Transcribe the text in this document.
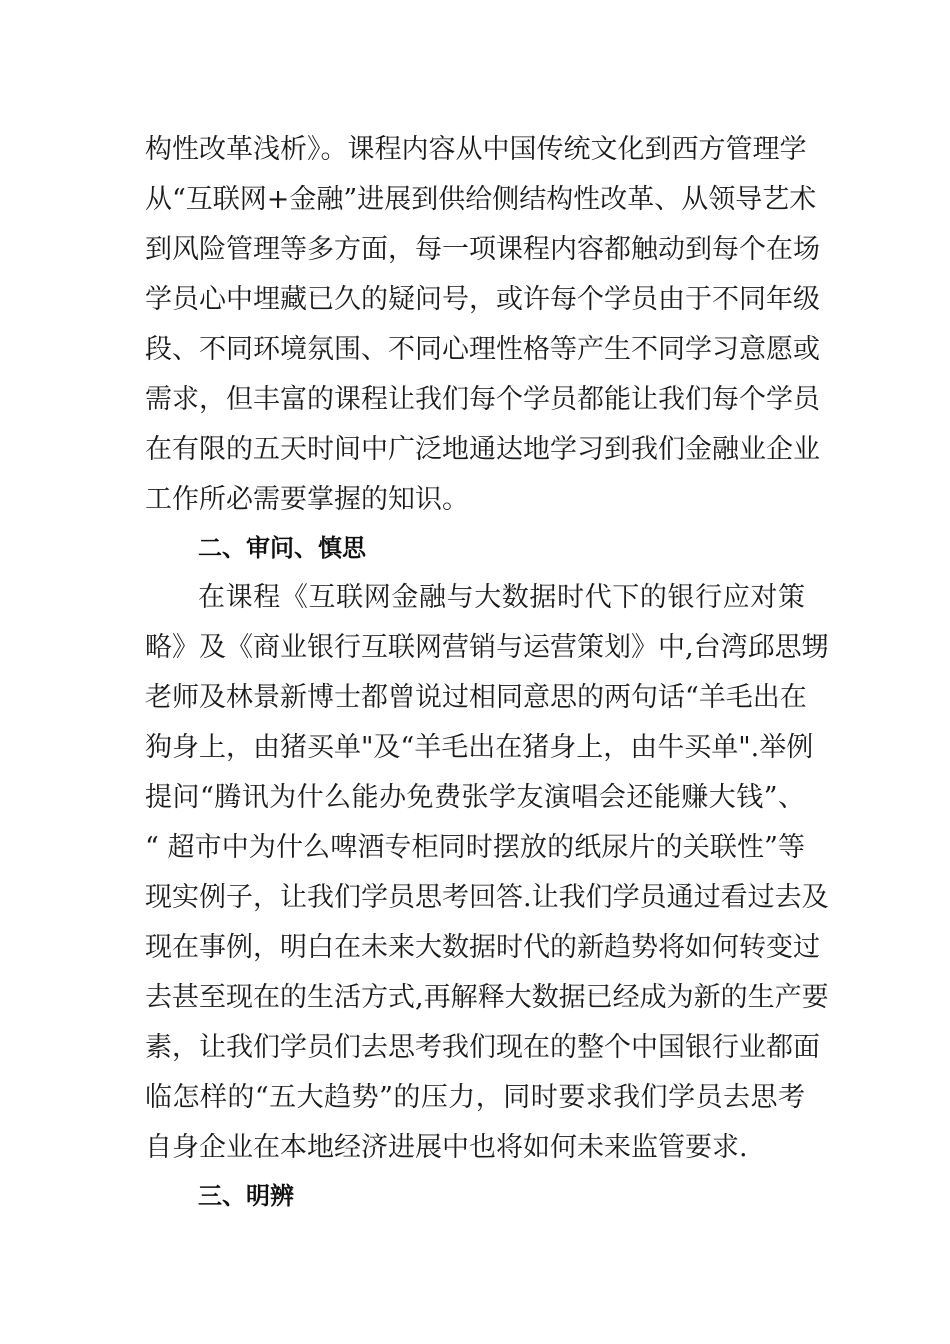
构性改革浅析》。课程内容从中国传统文化到西方管理学
从“互联网+金融”进展到供给侧结构性改革、从领导艺术
到风险管理等多方面，每一项课程内容都触动到每个在场
学员心中埋藏已久的疑问号，或许每个学员由于不同年级
段、不同环境氛围、不同心理性格等产生不同学习意愿或
需求，但丰富的课程让我们每个学员都能让我们每个学员
在有限的五天时间中广泛地通达地学习到我们金融业企业
工作所必需要掌握的知识。
二、审问、慎思
在课程《互联网金融与大数据时代下的银行应对策
略》及《商业银行互联网营销与运营策划》中,台湾邱思甥
老师及林景新博士都曾说过相同意思的两句话“羊毛出在
狗身上，由猪买单"及“羊毛出在猪身上，由牛买单".举例
提问“腾讯为什么能办免费张学友演唱会还能赚大钱”、
“ 超市中为什么啤酒专柜同时摆放的纸尿片的关联性”等
现实例子，让我们学员思考回答.让我们学员通过看过去及
现在事例，明白在未来大数据时代的新趋势将如何转变过
去甚至现在的生活方式,再解释大数据已经成为新的生产要
素，让我们学员们去思考我们现在的整个中国银行业都面
临怎样的“五大趋势”的压力，同时要求我们学员去思考
自身企业在本地经济进展中也将如何未来监管要求.
三、明辨
